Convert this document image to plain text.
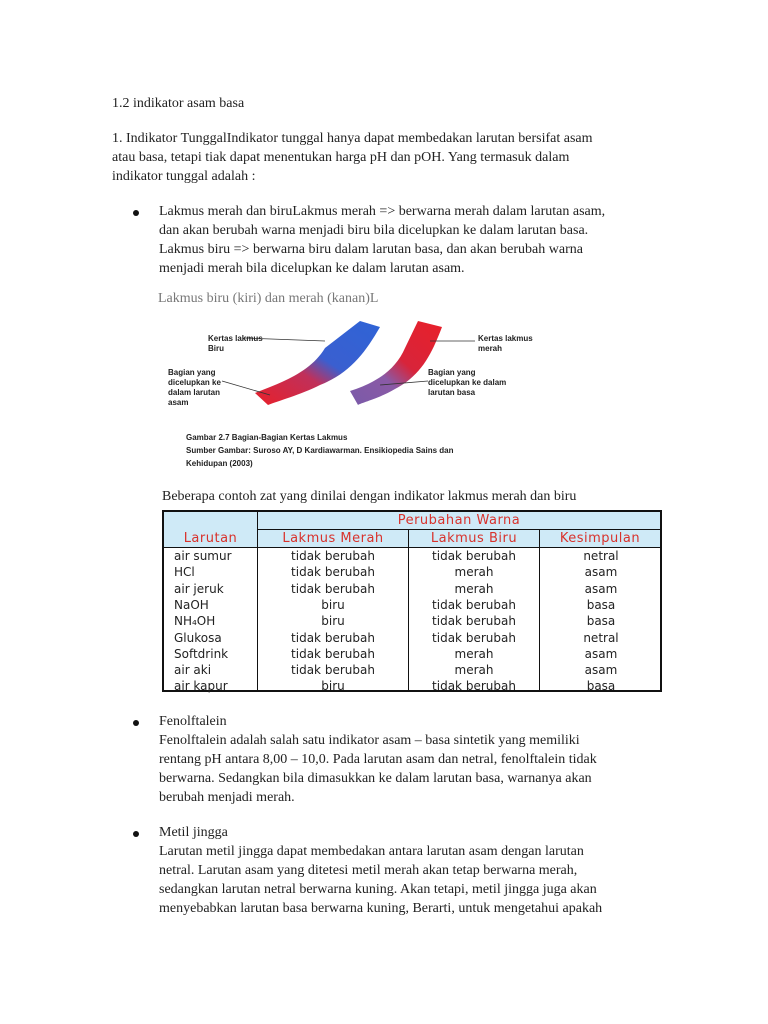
1.2 indikator asam basa
1. Indikator TunggalIndikator tunggal hanya dapat membedakan larutan bersifat asam
atau basa, tetapi tiak dapat menentukan harga pH dan pOH. Yang termasuk dalam
indikator tunggal adalah :
Lakmus merah dan biruLakmus merah => berwarna merah dalam larutan asam,
dan akan berubah warna menjadi biru bila dicelupkan ke dalam larutan basa.
Lakmus biru => berwarna biru dalam larutan basa, dan akan berubah warna
menjadi merah bila dicelupkan ke dalam larutan asam.
Lakmus biru (kiri) dan merah (kanan)L
Kertas lakmus
Biru
Kertas lakmus
merah
Bagian yang
dicelupkan ke
dalam larutan
asam
Bagian yang
dicelupkan ke dalam
larutan basa
Gambar 2.7 Bagian-Bagian Kertas Lakmus
Sumber Gambar: Suroso AY, D Kardiawarman. Ensikiopedia Sains dan
Kehidupan (2003)
Beberapa contoh zat yang dinilai dengan indikator lakmus merah dan biru
Perubahan Warna
Larutan	Lakmus Merah	Lakmus Biru	Kesimpulan
air sumur	tidak berubah	tidak berubah	netral
HCl	tidak berubah	merah	asam
air jeruk	tidak berubah	merah	asam
NaOH	biru	tidak berubah	basa
NH₄OH	biru	tidak berubah	basa
Glukosa	tidak berubah	tidak berubah	netral
Softdrink	tidak berubah	merah	asam
air aki	tidak berubah	merah	asam
air kapur	biru	tidak berubah	basa
Fenolftalein
Fenolftalein adalah salah satu indikator asam – basa sintetik yang memiliki
rentang pH antara 8,00 – 10,0. Pada larutan asam dan netral, fenolftalein tidak
berwarna. Sedangkan bila dimasukkan ke dalam larutan basa, warnanya akan
berubah menjadi merah.
Metil jingga
Larutan metil jingga dapat membedakan antara larutan asam dengan larutan
netral. Larutan asam yang ditetesi metil merah akan tetap berwarna merah,
sedangkan larutan netral berwarna kuning. Akan tetapi, metil jingga juga akan
menyebabkan larutan basa berwarna kuning, Berarti, untuk mengetahui apakah
